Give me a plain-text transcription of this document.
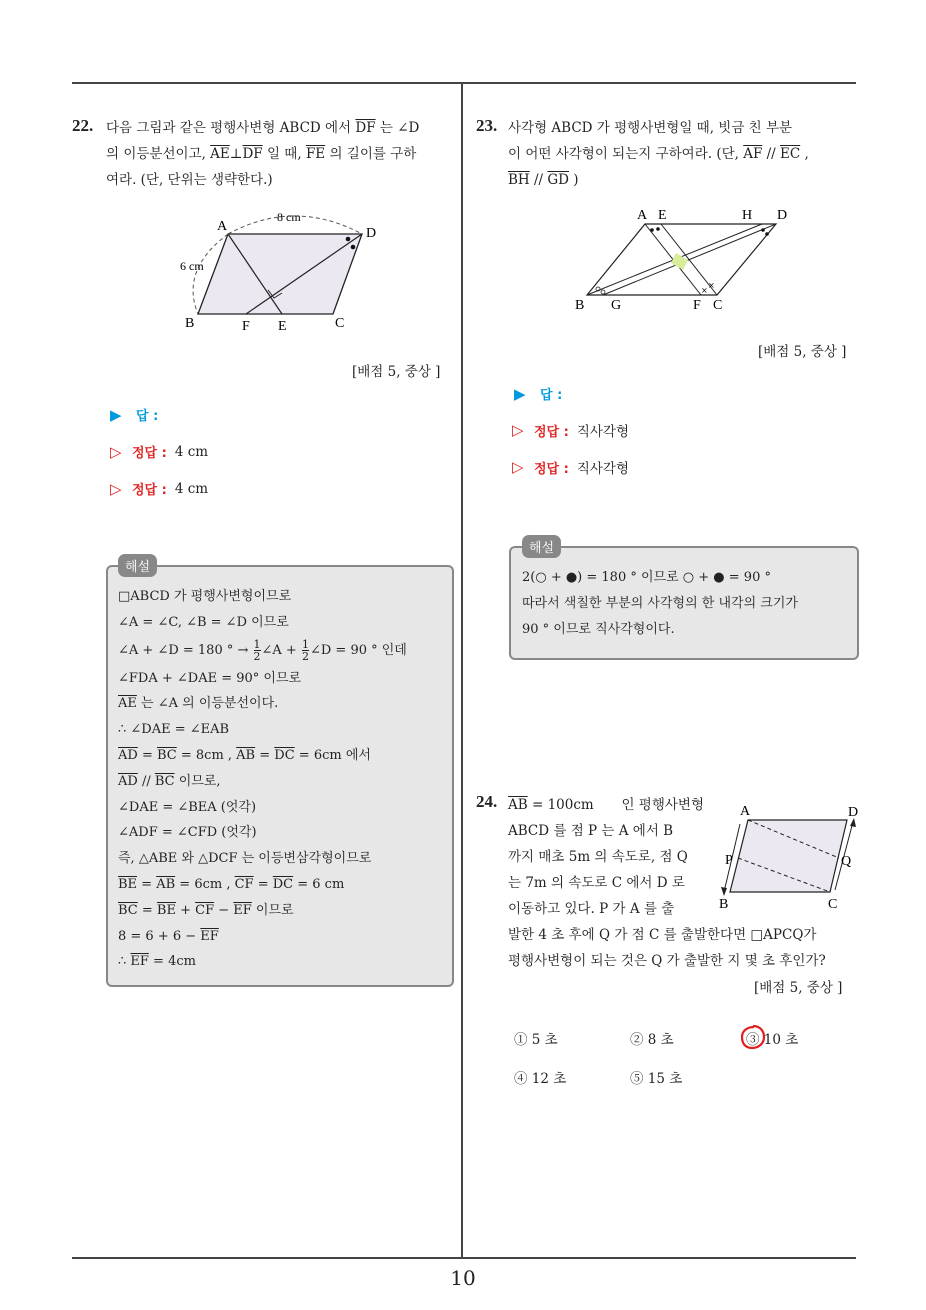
22. 다음 그림과 같은 평행사변형 ABCD 에서 $\overline{DF}$ 는 ∠D
의 이등분선이고, $\overline{AE}\perp\overline{DF}$ 일 때, $\overline{FE}$ 의 길이를 구하
여라. (단, 단위는 생략한다.)
A	D
B	C
F E
8 cm
6 cm
[배점 5, 중상 ]
▶	답 :
▷ 정답 : 4 cm
▷ 정답 : 4 cm
해설
□ABCD 가 평행사변형이므로
∠A = ∠C, ∠B = ∠D 이므로
∠A + ∠D = 180 ° → $\frac{1}{2}$ ∠A + $\frac{1}{2}$ ∠D = 90 ° 인데
∠FDA + ∠DAE = 90° 이므로
$\overline{AE}$ 는 ∠A 의 이등분선이다.
∴ ∠DAE = ∠EAB
$\overline{AD} = \overline{BC} = 8cm$ , $\overline{AB} = \overline{DC} = 6cm$ 에서
$\overline{AD} // \overline{BC}$ 이므로,
∠DAE = ∠BEA (엇각)
∠ADF = ∠CFD (엇각)
즉, △ABE 와 △DCF 는 이등변삼각형이므로
$\overline{BE} = \overline{AB} = 6cm$ , $\overline{CF} = \overline{DC} = 6$ cm
$\overline{BC} = \overline{BE} + \overline{CF} - \overline{EF}$ 이므로
$8 = 6 + 6 - \overline{EF}$
∴ $\overline{EF} = 4cm$
23. 사각형 ABCD 가 평행사변형일 때, 빗금 친 부분
이 어떤 사각형이 되는지 구하여라. (단, $\overline{AF} // \overline{EC}$ ,
$\overline{BH} // \overline{GD}$ )
×
×
A E	H D
B G	F C
[배점 5, 중상 ]
▶	답 :
▷ 정답 : 직사각형
▷ 정답 : 직사각형
해설
2(○ + ●) = 180 ° 이므로 ○ + ● = 90 °
따라서 색칠한 부분의 사각형의 한 내각의 크기가
90 ° 이므로 직사각형이다.
24. $\overline{AB} = 100cm$ 인 평행사변형
ABCD 를 점 P 는 A 에서 B
까지 매초 5m 의 속도로, 점 Q
는 7m 의 속도로 C 에서 D 로
이동하고 있다. P 가 A 를 출
발한 4 초 후에 Q 가 점 C 를 출발한다면 □APCQ가
평행사변형이 되는 것은 Q 가 출발한 지 몇 초 후인가?
A	D
P	Q
B	C
[배점 5, 중상 ]
① 5 초	② 8 초	③ 10 초
④ 12 초	⑤ 15 초
10
